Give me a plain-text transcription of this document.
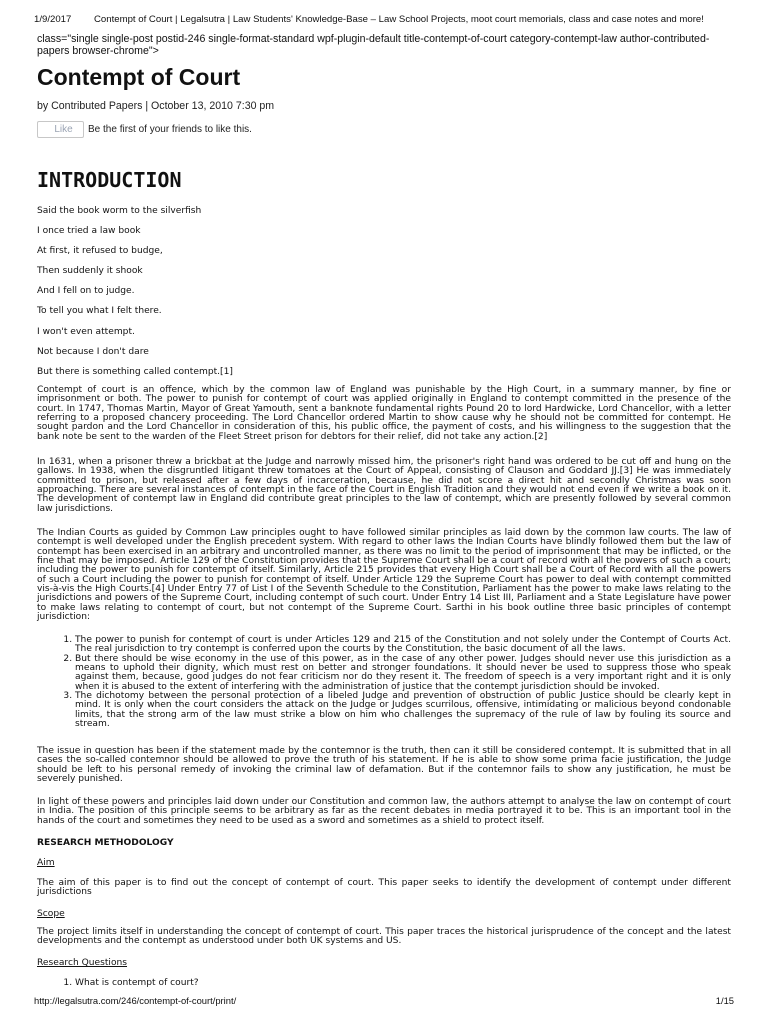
1/9/2017 Contempt of Court | Legalsutra | Law Students' Knowledge-Base – Law School Projects, moot court memorials, class and case notes and more!
class="single single-post postid-246 single-format-standard wpf-plugin-default title-contempt-of-court category-contempt-law author-contributed-papers browser-chrome">
Contempt of Court
by Contributed Papers | October 13, 2010 7:30 pm
Like	Be the first of your friends to like this.
INTRODUCTION
Said the book worm to the silverfish
I once tried a law book
At first, it refused to budge,
Then suddenly it shook
And I fell on to judge.
To tell you what I felt there.
I won't even attempt.
Not because I don't dare
But there is something called contempt.[1]

Contempt of court is an offence, which by the common law of England was punishable by the High Court, in a summary manner, by fine or imprisonment or both. The power to punish for contempt of court was applied originally in England to contempt committed in the presence of the court. In 1747, Thomas Martin, Mayor of Great Yamouth, sent a banknote fundamental rights Pound 20 to lord Hardwicke, Lord Chancellor, with a letter referring to a proposed chancery proceeding. The Lord Chancellor ordered Martin to show cause why he should not be committed for contempt. He sought pardon and the Lord Chancellor in consideration of this, his public office, the payment of costs, and his willingness to the suggestion that the bank note be sent to the warden of the Fleet Street prison for debtors for their relief, did not take any action.[2]

In 1631, when a prisoner threw a brickbat at the Judge and narrowly missed him, the prisoner's right hand was ordered to be cut off and hung on the gallows. In 1938, when the disgruntled litigant threw tomatoes at the Court of Appeal, consisting of Clauson and Goddard JJ.[3] He was immediately committed to prison, but released after a few days of incarceration, because, he did not score a direct hit and secondly Christmas was soon approaching. There are several instances of contempt in the face of the Court in English Tradition and they would not end even if we write a book on it. The development of contempt law in England did contribute great principles to the law of contempt, which are presently followed by several common law jurisdictions.

The Indian Courts as guided by Common Law principles ought to have followed similar principles as laid down by the common law courts. The law of contempt is well developed under the English precedent system. With regard to other laws the Indian Courts have blindly followed them but the law of contempt has been exercised in an arbitrary and uncontrolled manner, as there was no limit to the period of imprisonment that may be inflicted, or the fine that may be imposed. Article 129 of the Constitution provides that the Supreme Court shall be a court of record with all the powers of such a court; including the power to punish for contempt of itself. Similarly, Article 215 provides that every High Court shall be a Court of Record with all the powers of such a Court including the power to punish for contempt of itself. Under Article 129 the Supreme Court has power to deal with contempt committed vis-à-vis the High Courts.[4] Under Entry 77 of List I of the Seventh Schedule to the Constitution, Parliament has the power to make laws relating to the jurisdictions and powers of the Supreme Court, including contempt of such court. Under Entry 14 List III, Parliament and a State Legislature have power to make laws relating to contempt of court, but not contempt of the Supreme Court. Sarthi in his book outline three basic principles of contempt jurisdiction:

1. The power to punish for contempt of court is under Articles 129 and 215 of the Constitution and not solely under the Contempt of Courts Act. The real jurisdiction to try contempt is conferred upon the courts by the Constitution, the basic document of all the laws.
2. But there should be wise economy in the use of this power, as in the case of any other power. Judges should never use this jurisdiction as a means to uphold their dignity, which must rest on better and stronger foundations. It should never be used to suppress those who speak against them, because, good judges do not fear criticism nor do they resent it. The freedom of speech is a very important right and it is only when it is abused to the extent of interfering with the administration of justice that the contempt jurisdiction should be invoked.
3. The dichotomy between the personal protection of a libeled Judge and prevention of obstruction of public Justice should be clearly kept in mind. It is only when the court considers the attack on the Judge or Judges scurrilous, offensive, intimidating or malicious beyond condonable limits, that the strong arm of the law must strike a blow on him who challenges the supremacy of the rule of law by fouling its source and stream.

The issue in question has been if the statement made by the contemnor is the truth, then can it still be considered contempt. It is submitted that in all cases the so-called contemnor should be allowed to prove the truth of his statement. If he is able to show some prima facie justification, the Judge should be left to his personal remedy of invoking the criminal law of defamation. But if the contemnor fails to show any justification, he must be severely punished.

In light of these powers and principles laid down under our Constitution and common law, the authors attempt to analyse the law on contempt of court in India. The position of this principle seems to be arbitrary as far as the recent debates in media portrayed it to be. This is an important tool in the hands of the court and sometimes they need to be used as a sword and sometimes as a shield to protect itself.

RESEARCH METHODOLOGY
Aim

The aim of this paper is to find out the concept of contempt of court. This paper seeks to identify the development of contempt under different jurisdictions

Scope

The project limits itself in understanding the concept of contempt of court. This paper traces the historical jurisprudence of the concept and the latest developments and the contempt as understood under both UK systems and US.

Research Questions
1. What is contempt of court?
http://legalsutra.com/246/contempt-of-court/print/	1/15
